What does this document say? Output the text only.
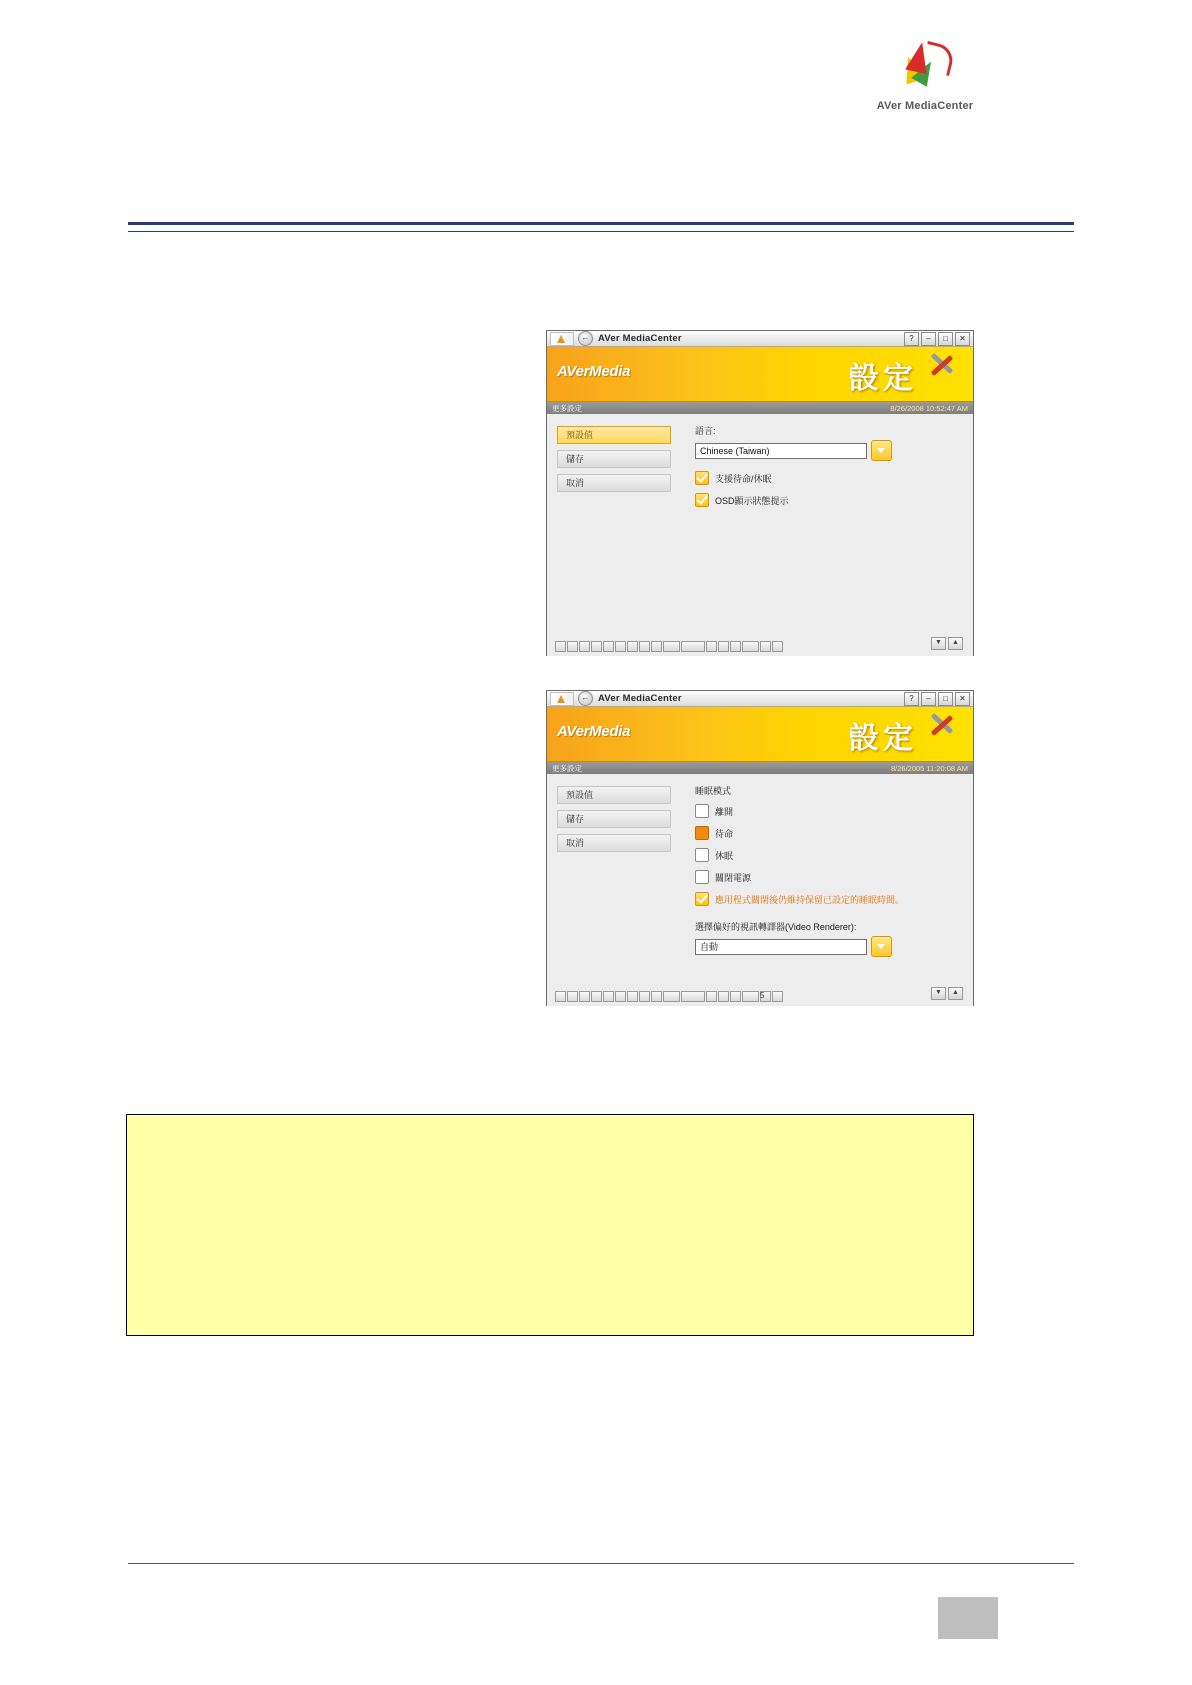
AVer MediaCenter
← AVer MediaCenter	?	–	□	✕
AVerMedia	設定
更多設定	8/26/2008 10:52:47 AM
預設值
儲存
取消
語言:
Chinese (Taiwan)
支援待命/休眠
OSD顯示狀態提示
▼	▲
← AVer MediaCenter	?	–	□	✕
AVerMedia	設定
更多設定	8/26/2005 11:20:08 AM
預設值
儲存
取消
睡眠模式
離開
待命
休眠
關閉電源
應用程式關閉後仍維持保留已設定的睡眠時間。
選擇偏好的視訊轉譯器(Video Renderer):
自動
5	▼	▲
